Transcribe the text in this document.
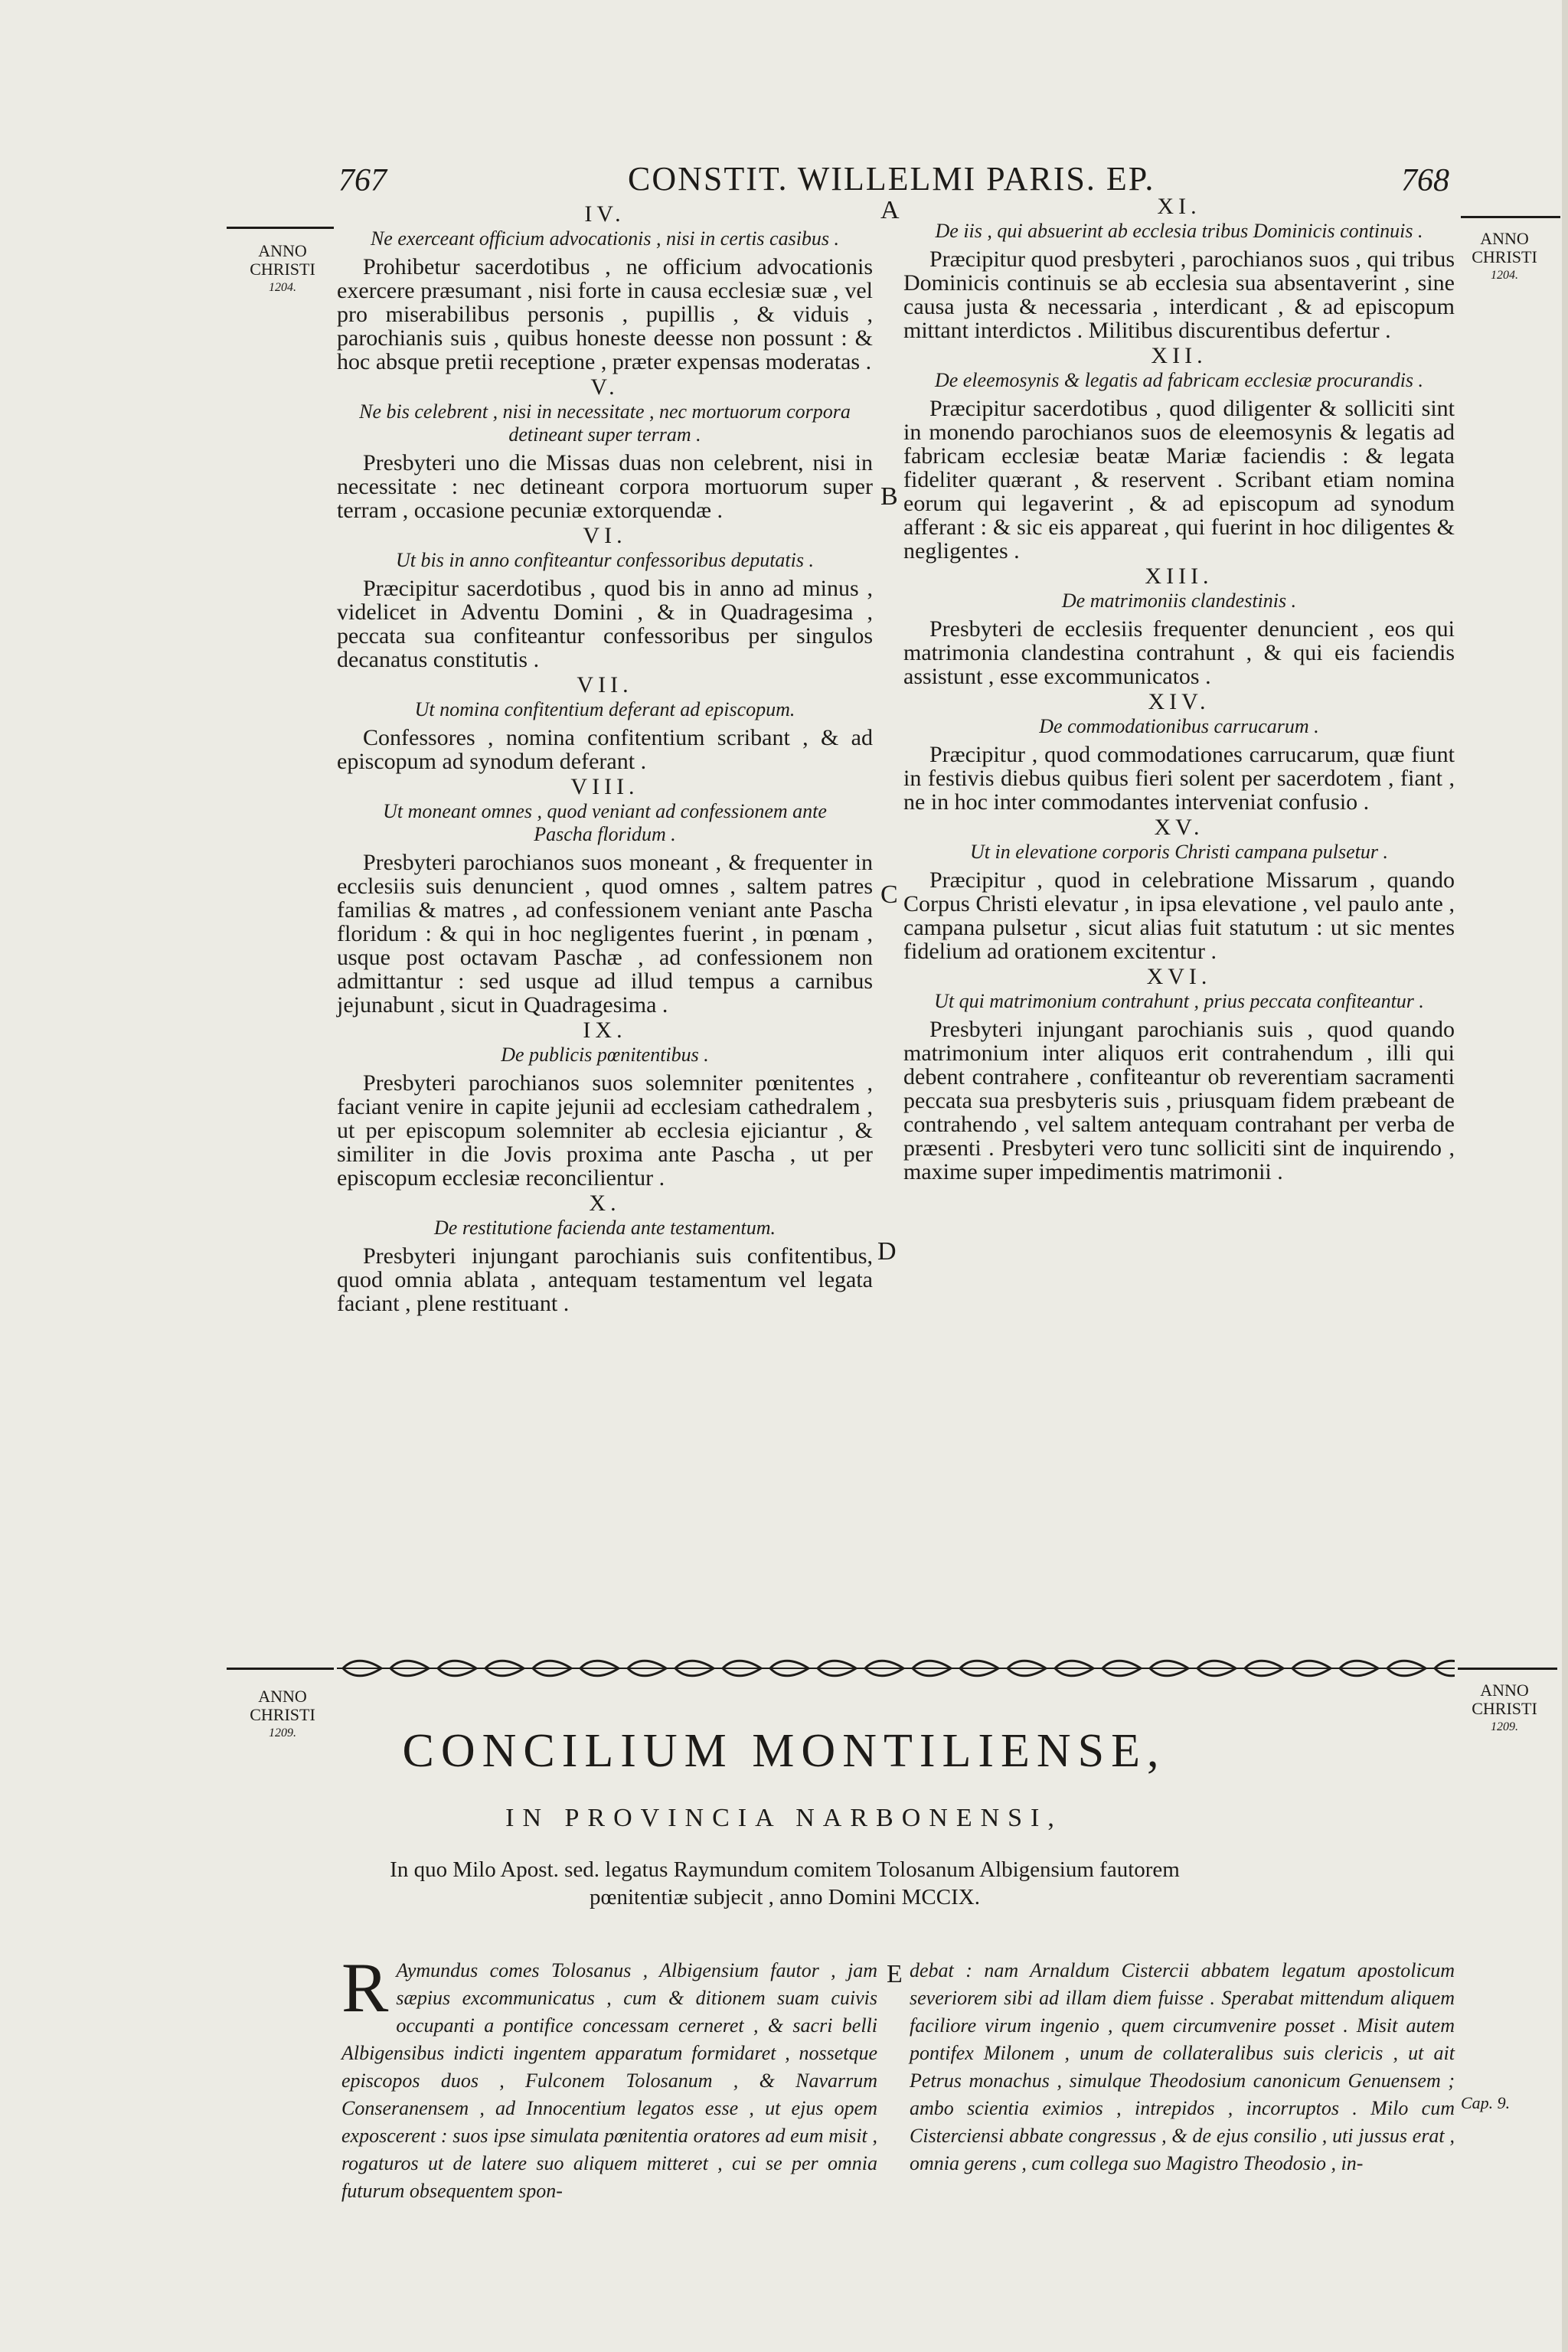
767	CONSTIT. WILLELMI PARIS. EP.	768
A
B
C
D
E
ANNO
CHRISTI
1204.
ANNO
CHRISTI
1204.
IV.
Ne exerceant officium advocationis , nisi in certis casibus .

Prohibetur sacerdotibus , ne officium advocationis exercere præsumant , nisi forte in causa ecclesiæ suæ , vel pro miserabilibus personis , pupillis , & viduis , parochianis suis , quibus honeste deesse non possunt : & hoc absque pretii receptione , præter expensas moderatas .

V.
Ne bis celebrent , nisi in necessitate , nec mortuorum corpora detineant super terram .

Presbyteri uno die Missas duas non celebrent, nisi in necessitate : nec detineant corpora mortuorum super terram , occasione pecuniæ extorquendæ .

VI.
Ut bis in anno confiteantur confessoribus deputatis .

Præcipitur sacerdotibus , quod bis in anno ad minus , videlicet in Adventu Domini , & in Quadragesima , peccata sua confiteantur confessoribus per singulos decanatus constitutis .

VII.
Ut nomina confitentium deferant ad episcopum.

Confessores , nomina confitentium scribant , & ad episcopum ad synodum deferant .

VIII.
Ut moneant omnes , quod veniant ad confessionem ante Pascha floridum .

Presbyteri parochianos suos moneant , & frequenter in ecclesiis suis denuncient , quod omnes , saltem patres familias & matres , ad confessionem veniant ante Pascha floridum : & qui in hoc negligentes fuerint , in pœnam , usque post octavam Paschæ , ad confessionem non admittantur : sed usque ad illud tempus a carnibus jejunabunt , sicut in Quadragesima .

IX.
De publicis pœnitentibus .

Presbyteri parochianos suos solemniter pœnitentes , faciant venire in capite jejunii ad ecclesiam cathedralem , ut per episcopum solemniter ab ecclesia ejiciantur , & similiter in die Jovis proxima ante Pascha , ut per episcopum ecclesiæ reconcilientur .

X.
De restitutione facienda ante testamentum.

Presbyteri injungant parochianis suis confitentibus, quod omnia ablata , antequam testamentum vel legata faciant , plene restituant .

XI.
De iis , qui absuerint ab ecclesia tribus Dominicis continuis .

Præcipitur quod presbyteri , parochianos suos , qui tribus Dominicis continuis se ab ecclesia sua absentaverint , sine causa justa & necessaria , interdicant , & ad episcopum mittant interdictos . Militibus discurentibus defertur .

XII.
De eleemosynis & legatis ad fabricam ecclesiæ procurandis .

Præcipitur sacerdotibus , quod diligenter & solliciti sint in monendo parochianos suos de eleemosynis & legatis ad fabricam ecclesiæ beatæ Mariæ faciendis : & legata fideliter quærant , & reservent . Scribant etiam nomina eorum qui legaverint , & ad episcopum ad synodum afferant : & sic eis appareat , qui fuerint in hoc diligentes & negligentes .

XIII.
De matrimoniis clandestinis .

Presbyteri de ecclesiis frequenter denuncient , eos qui matrimonia clandestina contrahunt , & qui eis faciendis assistunt , esse excommunicatos .

XIV.
De commodationibus carrucarum .

Præcipitur , quod commodationes carrucarum, quæ fiunt in festivis diebus quibus fieri solent per sacerdotem , fiant , ne in hoc inter commodantes interveniat confusio .

XV.
Ut in elevatione corporis Christi campana pulsetur .

Præcipitur , quod in celebratione Missarum , quando Corpus Christi elevatur , in ipsa elevatione , vel paulo ante , campana pulsetur , sicut alias fuit statutum : ut sic mentes fidelium ad orationem excitentur .

XVI.
Ut qui matrimonium contrahunt , prius peccata confiteantur .

Presbyteri injungant parochianis suis , quod quando matrimonium inter aliquos erit contrahendum , illi qui debent contrahere , confiteantur ob reverentiam sacramenti peccata sua presbyteris suis , priusquam fidem præbeant de contrahendo , vel saltem antequam contrahant per verba de præsenti . Presbyteri vero tunc solliciti sint de inquirendo , maxime super impedimentis matrimonii .

ANNO
CHRISTI
1209.
ANNO
CHRISTI
1209.
CONCILIUM MONTILIENSE,
IN PROVINCIA NARBONENSI,
In quo Milo Apost. sed. legatus Raymundum comitem Tolosanum Albigensium fautorem pœnitentiæ subjecit , anno Domini MCCIX.
R Aymundus comes Tolosanus , Albigensium fautor , jam sæpius excommunicatus , cum & ditionem suam cuivis occupanti a pontifice concessam cerneret , & sacri belli Albigensibus indicti ingentem apparatum formidaret , nossetque episcopos duos , Fulconem Tolosanum , & Navarrum Conseranensem , ad Innocentium legatos esse , ut ejus opem exposcerent : suos ipse simulata pœnitentia oratores ad eum misit , rogaturos ut de latere suo aliquem mitteret , cui se per omnia futurum obsequentem spon-
debat : nam Arnaldum Cistercii abbatem legatum apostolicum severiorem sibi ad illam diem fuisse . Sperabat mittendum aliquem faciliore virum ingenio , quem circumvenire posset . Misit autem pontifex Milonem , unum de collateralibus suis clericis , ut ait Petrus monachus , simulque Theodosium canonicum Genuensem ; ambo scientia eximios , intrepidos , incorruptos . Milo cum Cisterciensi abbate congressus , & de ejus consilio , uti jussus erat , omnia gerens , cum collega suo Magistro Theodosio , in-
Cap. 9.
